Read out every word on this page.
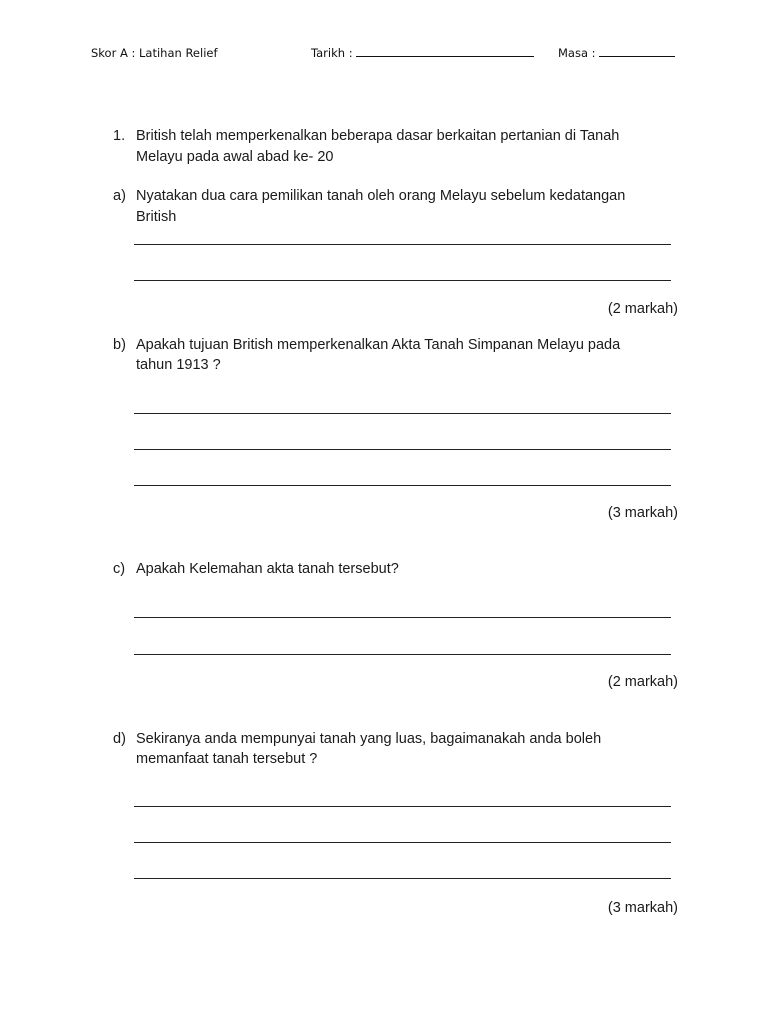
Skor A : Latihan Relief	Tarikh :	Masa :
1. British telah memperkenalkan beberapa dasar berkaitan pertanian di Tanah
Melayu pada awal abad ke- 20
a) Nyatakan dua cara pemilikan tanah oleh orang Melayu sebelum kedatangan
British
(2 markah)
b) Apakah tujuan British memperkenalkan Akta Tanah Simpanan Melayu pada
tahun 1913 ?
(3 markah)
c) Apakah Kelemahan akta tanah tersebut?
(2 markah)
d) Sekiranya anda mempunyai tanah yang luas, bagaimanakah anda boleh
memanfaat tanah tersebut ?
(3 markah)
